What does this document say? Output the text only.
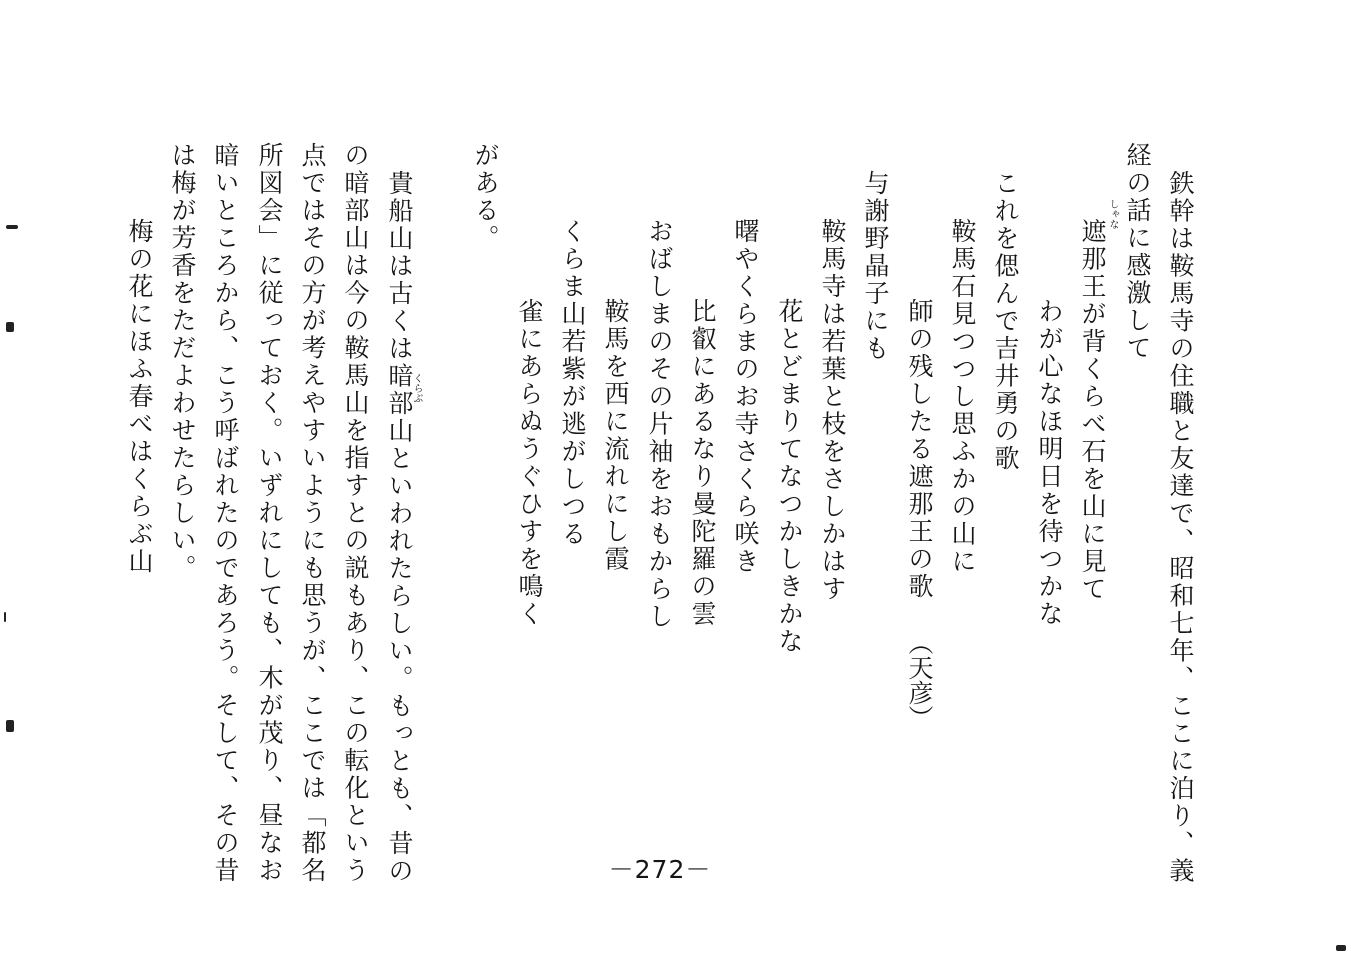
鉄幹は鞍馬寺の住職と友達で、昭和七年、ここに泊り、義

経の話に感激して

しゃな

遮那王が背くらべ石を山に見て

わが心なほ明日を待つかな

これを偲んで吉井勇の歌

鞍馬石見つつし思ふかの山に

師の残したる遮那王の歌

（天彦）

与謝野晶子にも

鞍馬寺は若葉と枝をさしかはす

花とどまりてなつかしきかな

曙やくらまのお寺さくら咲き

比叡にあるなり曼陀羅の雲

おばしまのその片袖をおもからし

鞍馬を西に流れにし霞

くらま山若紫が逃がしつる

雀にあらぬうぐひすを鳴く

がある。

くらぶ

貴船山は古くは暗部山といわれたらしい。もっとも、昔の

の暗部山は今の鞍馬山を指すとの説もあり、この転化という

点ではその方が考えやすいようにも思うが、ここでは「都名

所図会」に従っておく。いずれにしても、木が茂り、昼なお

暗いところから、こう呼ばれたのであろう。そして、その昔

は梅が芳香をただよわせたらしい。

梅の花にほふ春べはくらぶ山

－272－
